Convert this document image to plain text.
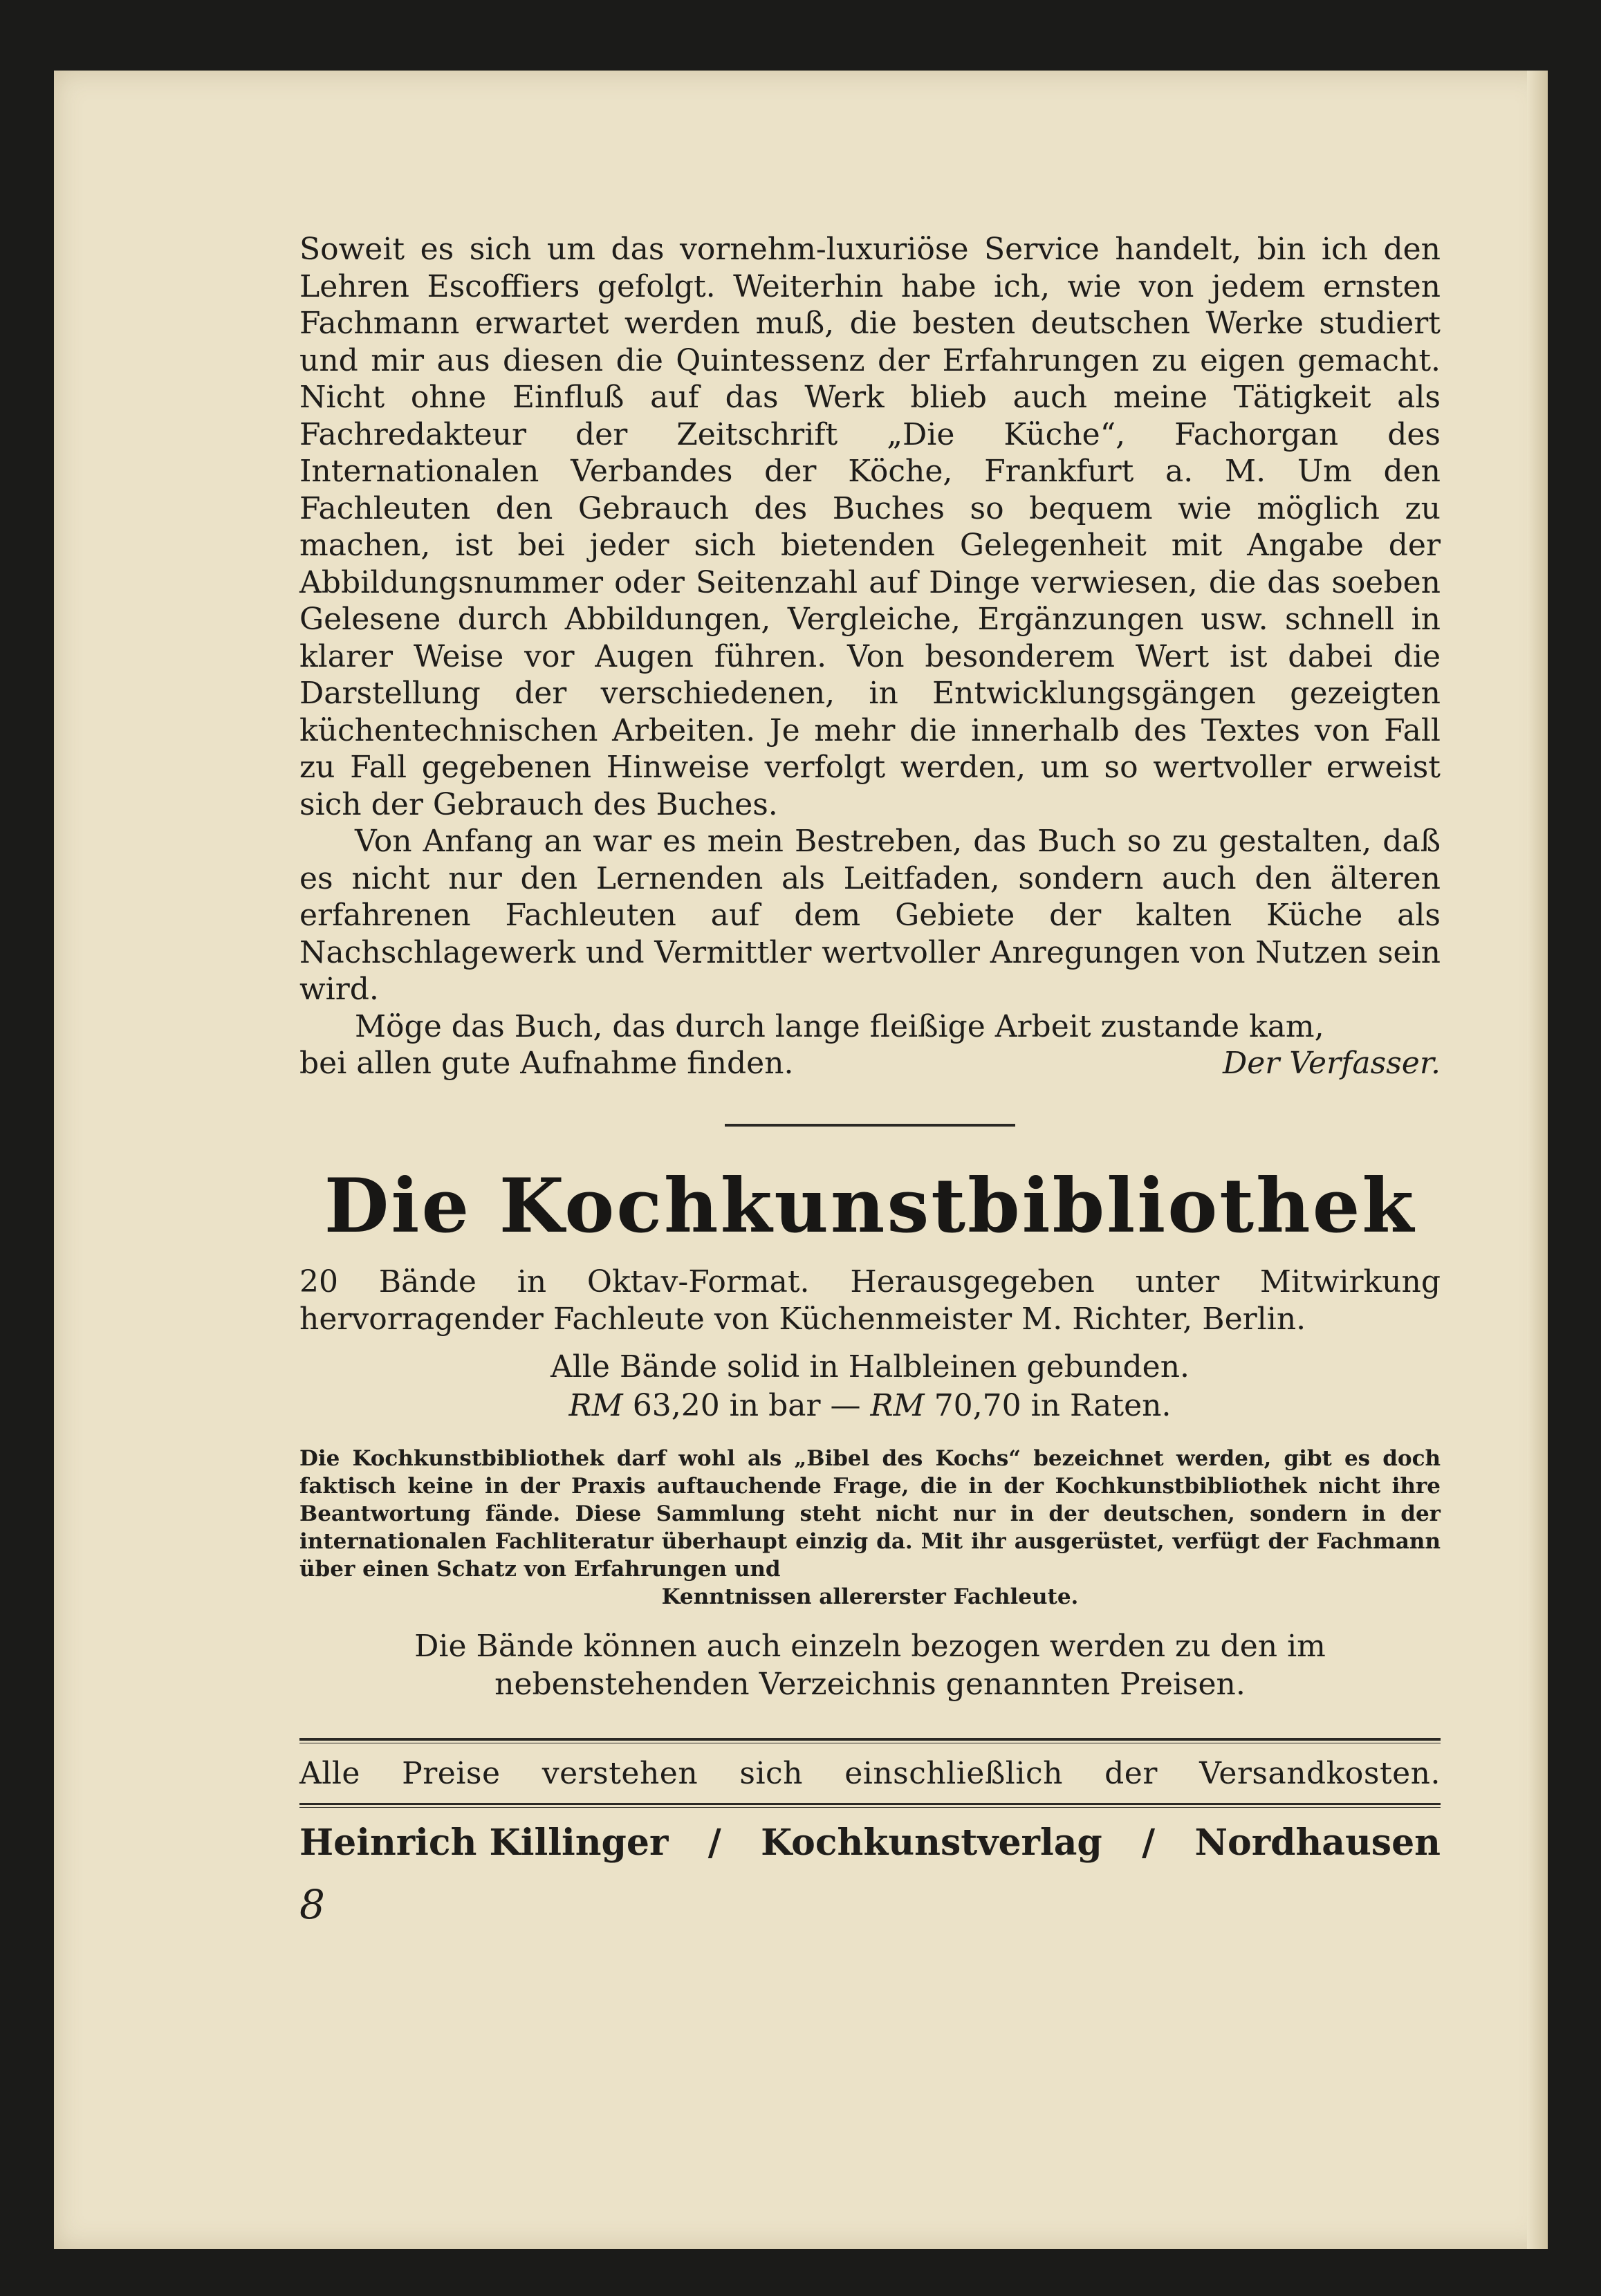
Soweit es sich um das vornehm-luxuriöse Service handelt, bin ich den Lehren Escoffiers gefolgt. Weiterhin habe ich, wie von jedem ernsten Fachmann erwartet werden muß, die besten deutschen Werke studiert und mir aus diesen die Quintessenz der Erfahrungen zu eigen gemacht. Nicht ohne Einfluß auf das Werk blieb auch meine Tätigkeit als Fachredakteur der Zeitschrift „Die Küche“, Fachorgan des Internationalen Verbandes der Köche, Frankfurt a. M. Um den Fachleuten den Gebrauch des Buches so bequem wie möglich zu machen, ist bei jeder sich bietenden Gelegenheit mit Angabe der Abbildungsnummer oder Seitenzahl auf Dinge verwiesen, die das soeben Gelesene durch Abbildungen, Vergleiche, Ergänzungen usw. schnell in klarer Weise vor Augen führen. Von besonderem Wert ist dabei die Darstellung der verschiedenen, in Entwicklungsgängen gezeigten küchentechnischen Arbeiten. Je mehr die innerhalb des Textes von Fall zu Fall gegebenen Hinweise verfolgt werden, um so wertvoller erweist sich der Gebrauch des Buches.

Von Anfang an war es mein Bestreben, das Buch so zu gestalten, daß es nicht nur den Lernenden als Leitfaden, sondern auch den älteren erfahrenen Fachleuten auf dem Gebiete der kalten Küche als Nachschlagewerk und Vermittler wertvoller Anregungen von Nutzen sein wird.

Möge das Buch, das durch lange fleißige Arbeit zustande kam,

bei allen gute Aufnahme finden.	Der Verfasser.
Die Kochkunstbibliothek

20 Bände in Oktav-Format. Herausgegeben unter Mitwirkung hervorragender Fachleute von Küchenmeister M. Richter, Berlin.

Alle Bände solid in Halbleinen gebunden.

RM 63,20 in bar — RM 70,70 in Raten.

Die Kochkunstbibliothek darf wohl als „Bibel des Kochs“ bezeichnet werden, gibt es doch faktisch keine in der Praxis auftauchende Frage, die in der Kochkunstbibliothek nicht ihre Beantwortung fände. Diese Sammlung steht nicht nur in der deutschen, sondern in der internationalen Fachliteratur überhaupt einzig da. Mit ihr ausgerüstet, verfügt der Fachmann über einen Schatz von Erfahrungen und

Kenntnissen allererster Fachleute.

Die Bände können auch einzeln bezogen werden zu den im nebenstehenden Verzeichnis genannten Preisen.

Alle Preise verstehen sich einschließlich der Versandkosten.
Heinrich Killinger / Kochkunstverlag / Nordhausen
8
